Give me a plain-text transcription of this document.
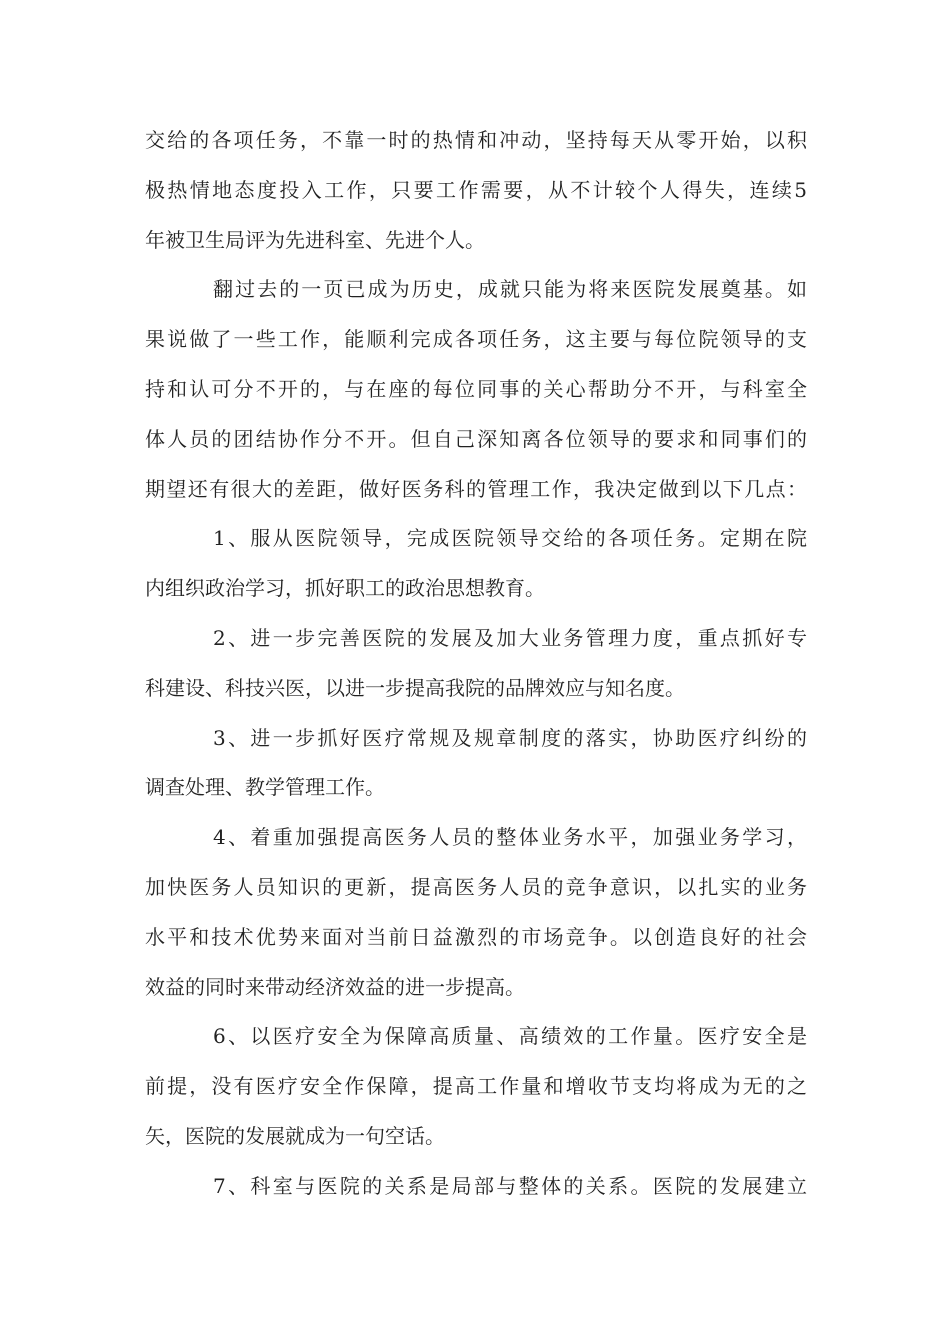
交给的各项任务，不靠一时的热情和冲动，坚持每天从零开始，以积
极热情地态度投入工作，只要工作需要，从不计较个人得失，连续5
年被卫生局评为先进科室、先进个人。
翻过去的一页已成为历史，成就只能为将来医院发展奠基。如
果说做了一些工作，能顺利完成各项任务，这主要与每位院领导的支
持和认可分不开的，与在座的每位同事的关心帮助分不开，与科室全
体人员的团结协作分不开。但自己深知离各位领导的要求和同事们的
期望还有很大的差距，做好医务科的管理工作，我决定做到以下几点：
1、服从医院领导，完成医院领导交给的各项任务。定期在院
内组织政治学习，抓好职工的政治思想教育。
2、进一步完善医院的发展及加大业务管理力度，重点抓好专
科建设、科技兴医，以进一步提高我院的品牌效应与知名度。
3、进一步抓好医疗常规及规章制度的落实，协助医疗纠纷的
调查处理、教学管理工作。
4、着重加强提高医务人员的整体业务水平，加强业务学习，
加快医务人员知识的更新，提高医务人员的竞争意识，以扎实的业务
水平和技术优势来面对当前日益激烈的市场竞争。以创造良好的社会
效益的同时来带动经济效益的进一步提高。
6、以医疗安全为保障高质量、高绩效的工作量。医疗安全是
前提，没有医疗安全作保障，提高工作量和增收节支均将成为无的之
矢，医院的发展就成为一句空话。
7、科室与医院的关系是局部与整体的关系。医院的发展建立
